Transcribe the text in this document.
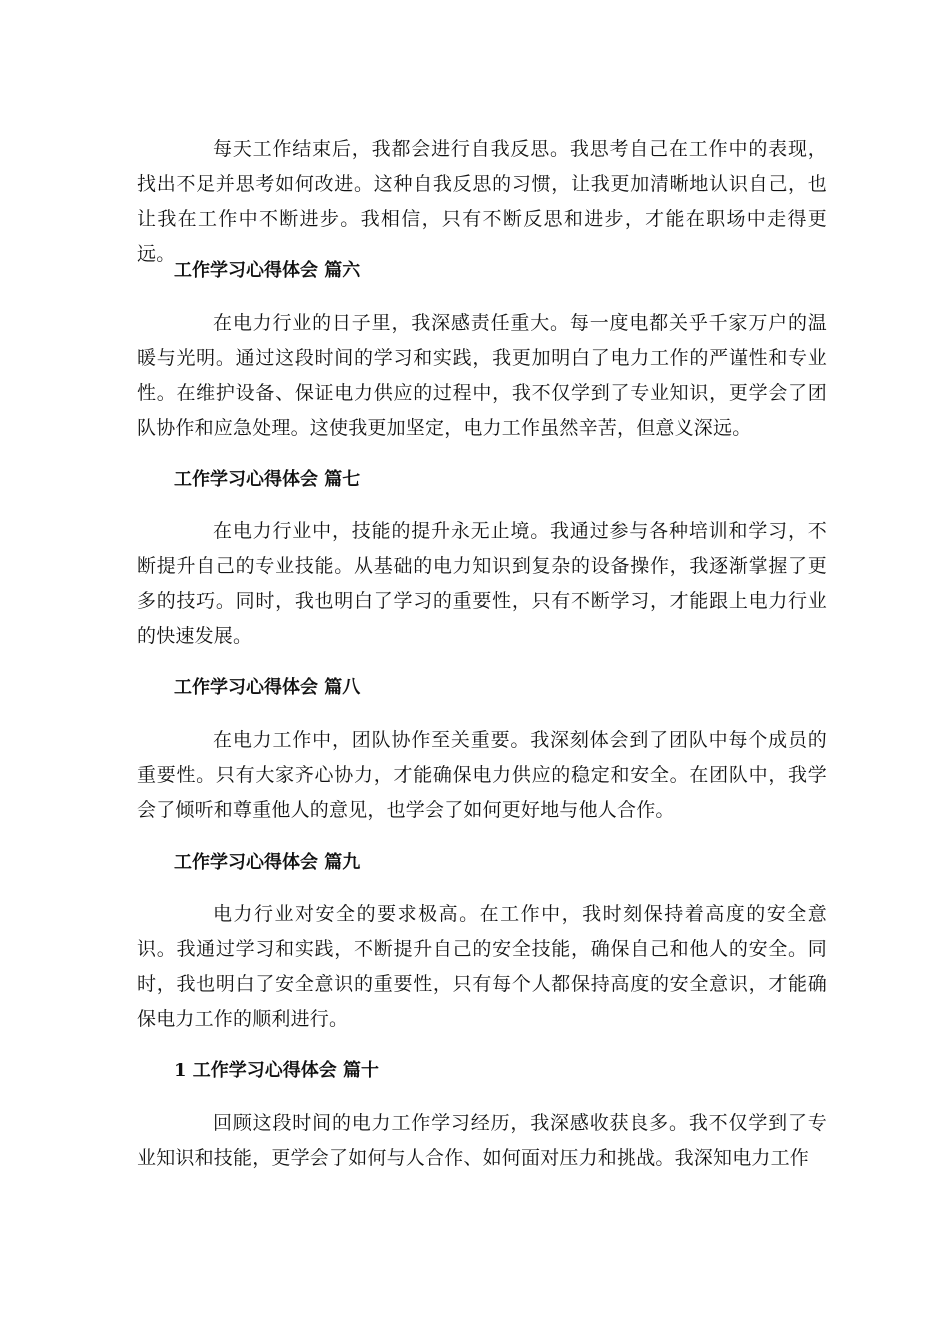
每天工作结束后，我都会进行自我反思。我思考自己在工作中的表现，找出不足并思考如何改进。这种自我反思的习惯，让我更加清晰地认识自己，也让我在工作中不断进步。我相信，只有不断反思和进步，才能在职场中走得更远。

工作学习心得体会 篇六

在电力行业的日子里，我深感责任重大。每一度电都关乎千家万户的温暖与光明。通过这段时间的学习和实践，我更加明白了电力工作的严谨性和专业性。在维护设备、保证电力供应的过程中，我不仅学到了专业知识，更学会了团队协作和应急处理。这使我更加坚定，电力工作虽然辛苦，但意义深远。

工作学习心得体会 篇七

在电力行业中，技能的提升永无止境。我通过参与各种培训和学习，不断提升自己的专业技能。从基础的电力知识到复杂的设备操作，我逐渐掌握了更多的技巧。同时，我也明白了学习的重要性，只有不断学习，才能跟上电力行业的快速发展。

工作学习心得体会 篇八

在电力工作中，团队协作至关重要。我深刻体会到了团队中每个成员的重要性。只有大家齐心协力，才能确保电力供应的稳定和安全。在团队中，我学会了倾听和尊重他人的意见，也学会了如何更好地与他人合作。

工作学习心得体会 篇九

电力行业对安全的要求极高。在工作中，我时刻保持着高度的安全意识。我通过学习和实践，不断提升自己的安全技能，确保自己和他人的安全。同时，我也明白了安全意识的重要性，只有每个人都保持高度的安全意识，才能确保电力工作的顺利进行。

1 工作学习心得体会 篇十

回顾这段时间的电力工作学习经历，我深感收获良多。我不仅学到了专业知识和技能，更学会了如何与人合作、如何面对压力和挑战。我深知电力工作
